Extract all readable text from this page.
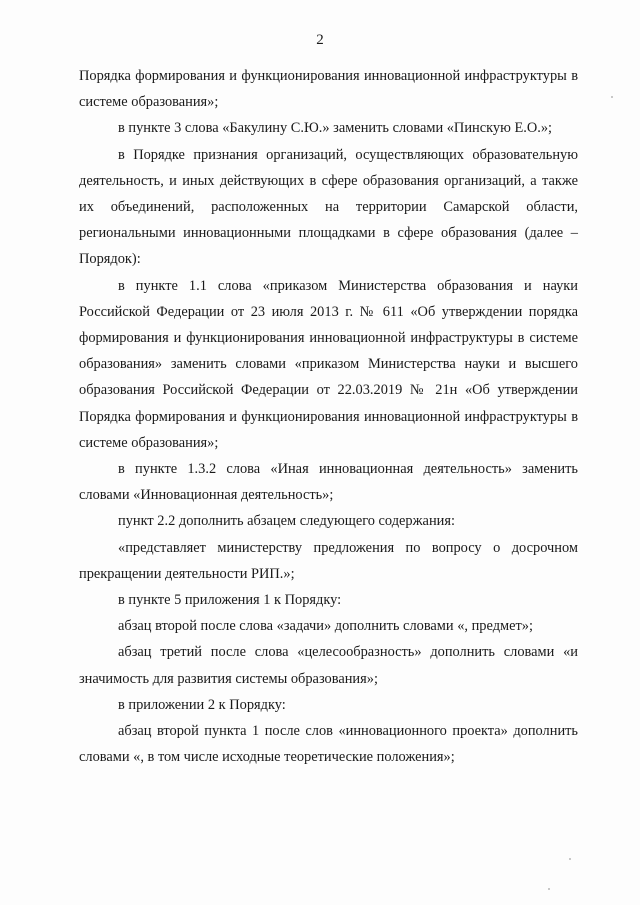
2

Порядка формирования и функционирования инновационной инфраструктуры в системе образования»;

в пункте 3 слова «Бакулину С.Ю.» заменить словами «Пинскую Е.О.»;

в Порядке признания организаций, осуществляющих образовательную деятельность, и иных действующих в сфере образования организаций, а также их объединений, расположенных на территории Самарской области, региональными инновационными площадками в сфере образования (далее – Порядок):

в пункте 1.1 слова «приказом Министерства образования и науки Российской Федерации от 23 июля 2013 г. № 611 «Об утверждении порядка формирования и функционирования инновационной инфраструктуры в системе образования» заменить словами «приказом Министерства науки и высшего образования Российской Федерации от 22.03.2019 № 21н «Об утверждении Порядка формирования и функционирования инновационной инфраструктуры в системе образования»;

в пункте 1.3.2 слова «Иная инновационная деятельность» заменить словами «Инновационная деятельность»;

пункт 2.2 дополнить абзацем следующего содержания:

«представляет министерству предложения по вопросу о досрочном прекращении деятельности РИП.»;

в пункте 5 приложения 1 к Порядку:

абзац второй после слова «задачи» дополнить словами «, предмет»;

абзац третий после слова «целесообразность» дополнить словами «и значимость для развития системы образования»;

в приложении 2 к Порядку:

абзац второй пункта 1 после слов «инновационного проекта» дополнить словами «, в том числе исходные теоретические положения»;
